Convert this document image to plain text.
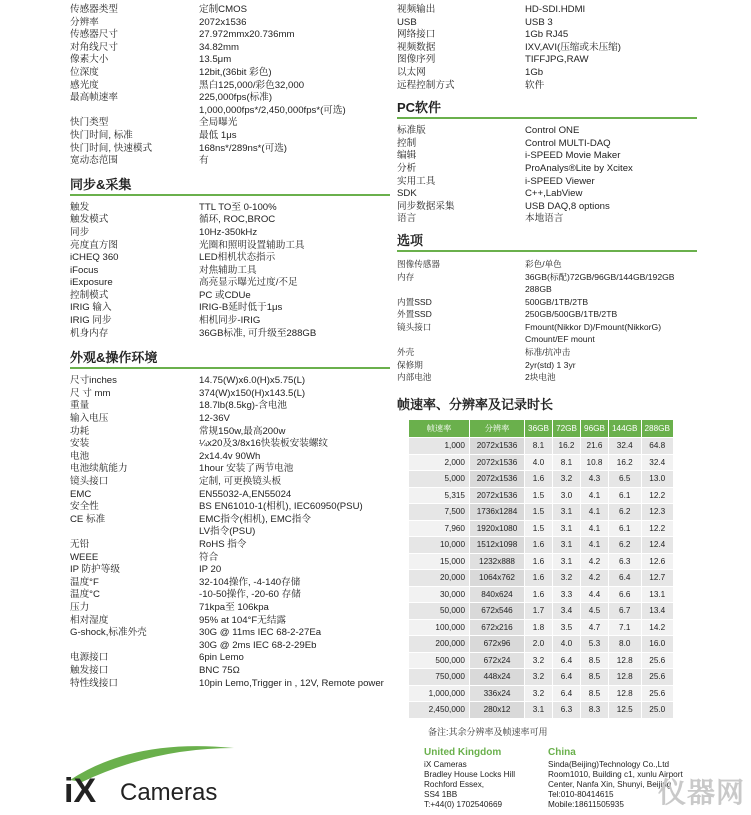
传感器类型	定制CMOS
分辨率	2072x1536
传感器尺寸	27.972mmx20.736mm
对角线尺寸	34.82mm
像素大小	13.5μm
位深度	12bit,(36bit 彩色)
感光度	黑白125,000/彩色32,000
最高帧速率	225,000fps(标准)
	1,000,000fps*/2,450,000fps*(可选)
快门类型	全局曝光
快门时间, 标准	最低 1μs
快门时间, 快速模式	168ns*/289ns*(可选)
宽动态范围	有
同步&采集
触发	TTL TO至 0-100%
触发模式	循环, ROC,BROC
同步	10Hz-350kHz
亮度直方图	光圈和照明设置辅助工具
iCHEQ 360	LED相机状态指示
iFocus	对焦辅助工具
iExposure	高亮显示曝光过度/不足
控制模式	PC 或CDUe
IRIG 输入	IRIG-B延时低于1μs
IRIG 同步	相机同步-IRIG
机身内存	36GB标准, 可升级至288GB
外观&操作环境
尺寸inches	14.75(W)x6.0(H)x5.75(L)
尺 寸 mm	374(W)x150(H)x143.5(L)
重量	18.7lb(8.5kg)-含电池
输入电压	12-36V
功耗	常规150w,最高200w
安装	¼x20及3/8x16快装板安装螺纹
电池	2x14.4v 90Wh
电池续航能力	1hour 安装了两节电池
镜头接口	定制, 可更换镜头板
EMC	EN55032-A,EN55024
安全性	BS EN61010-1(相机), IEC60950(PSU)
CE 标准	EMC指令(相机), EMC指令
	LV指令(PSU)
无铅	RoHS 指令
WEEE	符合
IP 防护等级	IP 20
温度°F	32-104操作, -4-140存储
温度°C	-10-50操作, -20-60 存储
压力	71kpa至 106kpa
相对湿度	95% at 104°F无结露
G-shock,标准外壳	30G @ 11ms IEC 68-2-27Ea
	30G @ 2ms IEC 68-2-29Eb
电源接口	6pin Lemo
触发接口	BNC 75Ω
特性线接口	10pin Lemo,Trigger in , 12V, Remote power
视频输出	HD-SDI.HDMI
USB	USB 3
网络接口	1Gb RJ45
视频数据	IXV,AVI(压缩或未压缩)
图像序列	TIFFJPG,RAW
以太网	1Gb
远程控制方式	软件
PC软件
标准版	Control ONE
控制	Control MULTI-DAQ
编辑	i-SPEED Movie Maker
分析	ProAnalys®Lite by Xcitex
实用工具	i-SPEED Viewer
SDK	C++,LabView
同步数据采集	USB DAQ,8 options
语言	本地语言
选项
图像传感器	彩色/单色
内存	36GB(标配)72GB/96GB/144GB/192GB
	288GB
内置SSD	500GB/1TB/2TB
外置SSD	250GB/500GB/1TB/2TB
镜头接口	Fmount(Nikkor D)/Fmount(NikkorG)
	Cmount/EF mount
外壳	标准/抗冲击
保修期	2yr(std) 1 3yr
内部电池	2块电池
帧速率、分辨率及记录时长
帧速率	分辨率	36GB	72GB	96GB	144GB	288GB
1,000	2072x1536	8.1	16.2	21.6	32.4	64.8
2,000	2072x1536	4.0	8.1	10.8	16.2	32.4
5,000	2072x1536	1.6	3.2	4.3	6.5	13.0
5,315	2072x1536	1.5	3.0	4.1	6.1	12.2
7,500	1736x1284	1.5	3.1	4.1	6.2	12.3
7,960	1920x1080	1.5	3.1	4.1	6.1	12.2
10,000	1512x1098	1.6	3.1	4.1	6.2	12.4
15,000	1232x888	1.6	3.1	4.2	6.3	12.6
20,000	1064x762	1.6	3.2	4.2	6.4	12.7
30,000	840x624	1.6	3.3	4.4	6.6	13.1
50,000	672x546	1.7	3.4	4.5	6.7	13.4
100,000	672x216	1.8	3.5	4.7	7.1	14.2
200,000	672x96	2.0	4.0	5.3	8.0	16.0
500,000	672x24	3.2	6.4	8.5	12.8	25.6
750,000	448x24	3.2	6.4	8.5	12.8	25.6
1,000,000	336x24	3.2	6.4	8.5	12.8	25.6
2,450,000	280x12	3.1	6.3	8.3	12.5	25.0
备注:其余分辨率及帧速率可用
iX Cameras
United Kingdom
iX Cameras
Bradley House Locks Hill
Rochford Essex,
SS4 1BB
T:+44(0) 1702540669
China
Sinda(Beijing)Technology Co.,Ltd
Room1010, Building c1, xunlu Airport
Center, Nanfa Xin, Shunyi, Beijing
Tel:010-80414615
Mobile:18611505935	仪器网
